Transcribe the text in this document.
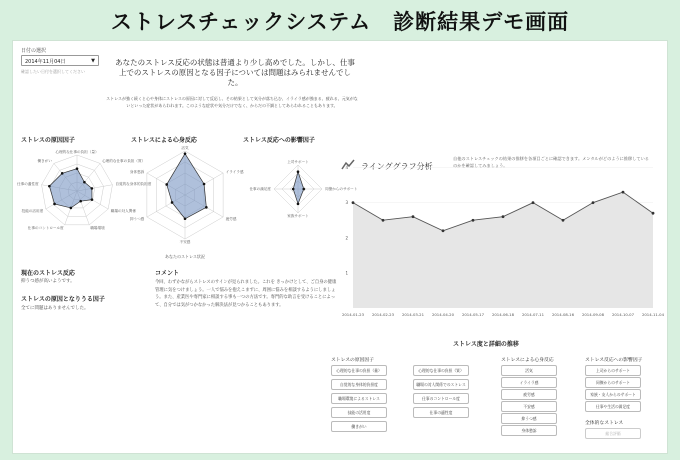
ストレスチェックシステム　診断結果デモ画面
日付の選択
2014年11月04日	▼
確認したい日付を選択してください
あなたのストレス反応の状態は普通より少し高めでした。しかし、仕事上でのストレスの原因となる因子については問題はみられませんでした。
ストレスが強く続くと心や身体にストレスの原因に対して反応し、その結果として気分が落ち込む、イライラ感が強まる、疲れる、元気がないといった症状があらわれます。このような症状や気分だけでなく、からだの不調としてあらわれることもあります。
ストレスの原因因子	ストレスによる心身反応	ストレス反応への影響因子
心理的な仕事の負担（量）
心理的な仕事の負担（質）
自覚的な身体的負担度
職場の対人関係
職場環境
仕事のコントロール度
技能の活用度
仕事の適性度
働きがい
活気
イライラ感
疲労感
不安感
抑うつ感
身体愁訴
上司サポート
同僚からのサポート
家族サポート
仕事の満足度
あなたのストレス状況
現在のストレス反応
抑うつ感が高いようです。
ストレスの原因となりうる因子
全てに問題はありませんでした。
コメント
今回、わずかながらストレスのサインが見られました。これを きっかけとして、ご自身の健康管理に気をつけましょう。一人で悩みを抱えこまずに、周囲に悩みを相談するようにしましょう。また、産業医や専門家に相談する事も一つの方法です。専門的な助言を受けることによって、自分では気がつかなかった解決法が見つかることもあります。
ラインググラフ分析
自他のストレスチェックの結果の推移を各項目ごとに確認できます。メンタルがどのように推移しているのかを確認してみましょう。
1
2
3
4
2014-01-23 2014-02-23 2014-03-21 2014-04-20 2014-05-17 2014-06-18 2014-07-11 2014-08-16 2014-09-08 2014-10-07 2014-11-04
ストレス度と詳細の推移
ストレスの原因因子	ストレスによる心身反応	ストレス反応への影響因子
心理的な仕事の負担（量）
自覚的な身体的負担度
職場環境によるストレス
技能の活用度
働きがい
心理的な仕事の負担（質）
職場の対人関係でのストレス
仕事のコントロール度
仕事の適性度
活気
イライラ感
疲労感
不安感
抑うつ感
身体愁訴
上司からのサポート
同僚からのサポート
家族・友人からのサポート
仕事や生活の満足度
全体的なストレス
総合評価
